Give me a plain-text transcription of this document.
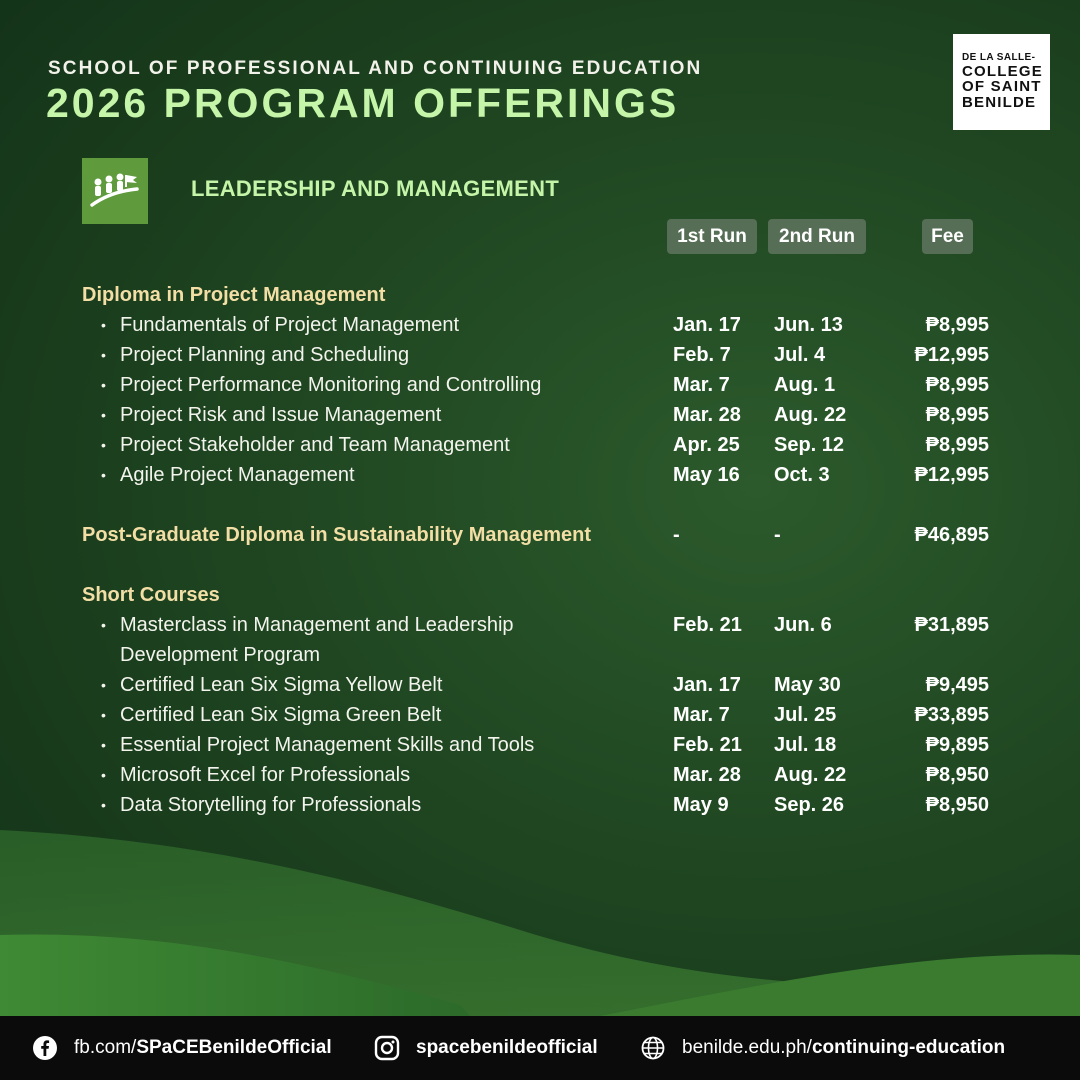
SCHOOL OF PROFESSIONAL AND CONTINUING EDUCATION
2026 PROGRAM OFFERINGS
DE LA SALLE-
COLLEGE
OF SAINT
BENILDE
LEADERSHIP AND MANAGEMENT
1st Run	2nd Run	Fee
Diploma in Project Management
• Fundamentals of Project Management	Jan. 17 Jun. 13	₱8,995
• Project Planning and Scheduling	Feb. 7 Jul. 4	₱12,995
• Project Performance Monitoring and Controlling	Mar. 7 Aug. 1	₱8,995
• Project Risk and Issue Management	Mar. 28 Aug. 22	₱8,995
• Project Stakeholder and Team Management	Apr. 25 Sep. 12	₱8,995
• Agile Project Management	May 16 Oct. 3	₱12,995
Post-Graduate Diploma in Sustainability Management	-	-	₱46,895
Short Courses
• Masterclass in Management and Leadership	Feb. 21 Jun. 6	₱31,895
Development Program
• Certified Lean Six Sigma Yellow Belt	Jan. 17 May 30	₱9,495
• Certified Lean Six Sigma Green Belt	Mar. 7 Jul. 25	₱33,895
• Essential Project Management Skills and Tools	Feb. 21 Jul. 18	₱9,895
• Microsoft Excel for Professionals	Mar. 28 Aug. 22	₱8,950
• Data Storytelling for Professionals	May 9 Sep. 26	₱8,950
fb.com/SPaCEBenildeOfficial	spacebenildeofficial	benilde.edu.ph/continuing-education
